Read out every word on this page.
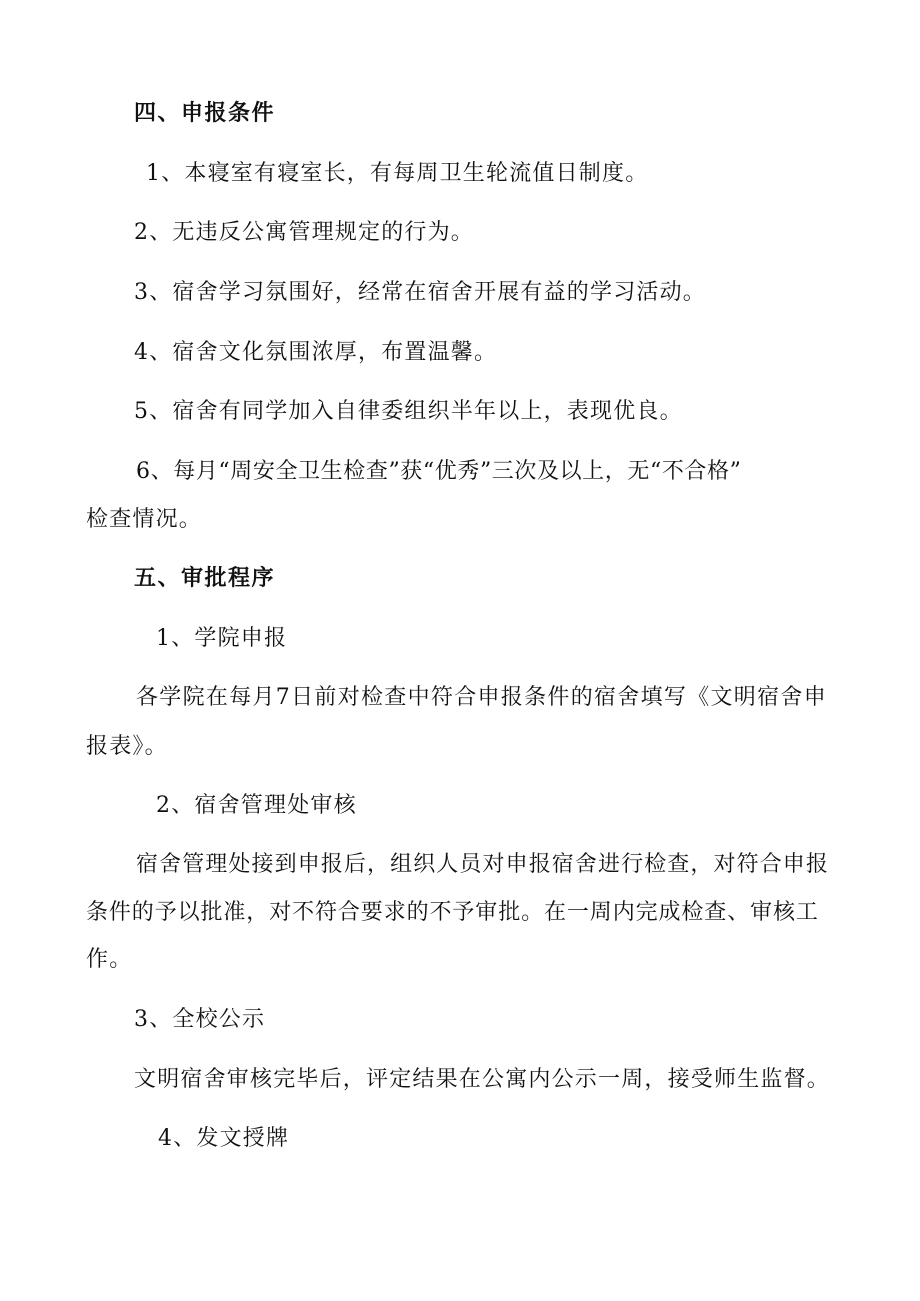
四、申报条件
1、本寝室有寝室长，有每周卫生轮流值日制度。
2、无违反公寓管理规定的行为。
3、宿舍学习氛围好，经常在宿舍开展有益的学习活动。
4、宿舍文化氛围浓厚，布置温馨。
5、宿舍有同学加入自律委组织半年以上，表现优良。
6、每月“周安全卫生检查”获“优秀”三次及以上，无“不合格”
检查情况。
五、审批程序
1、学院申报
各学院在每月7日前对检查中符合申报条件的宿舍填写《文明宿舍申
报表》。
2、宿舍管理处审核
宿舍管理处接到申报后，组织人员对申报宿舍进行检查，对符合申报
条件的予以批准，对不符合要求的不予审批。在一周内完成检查、审核工
作。
3、全校公示
文明宿舍审核完毕后，评定结果在公寓内公示一周，接受师生监督。
4、发文授牌
